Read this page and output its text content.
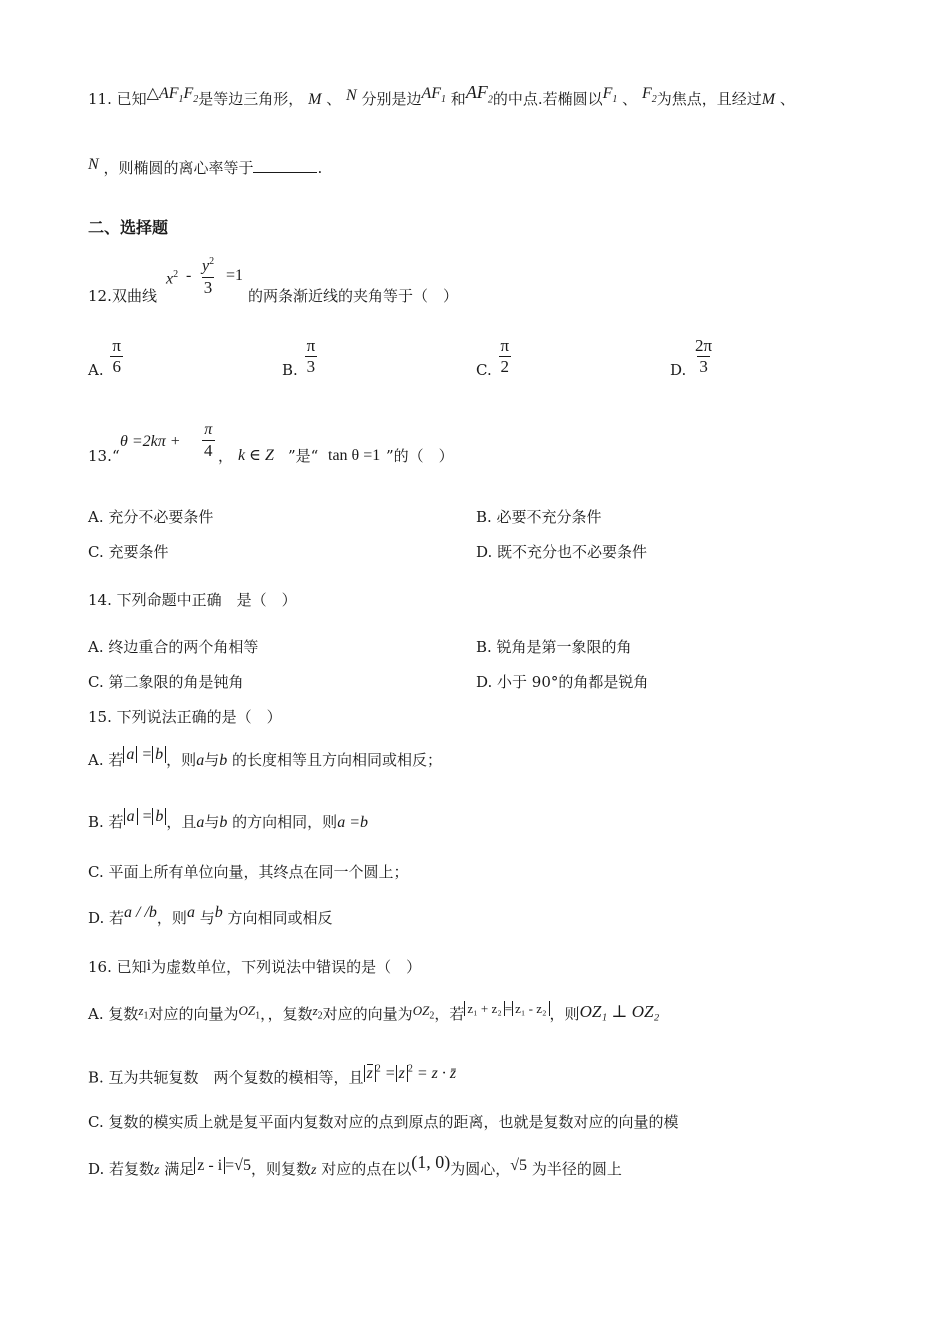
11. 已知$\triangle AF_1F_2$是等边三角形， M 、 N 分别是边$AF_1$ 和$AF_2$的中点.若椭圆以$F_1$ 、 $F_2$为焦点，且经过M 、
N ，则椭圆的离心率等于	.
二、选择题
12. 双曲线
$x^2 - \frac{y^2}{3} =1$
的两条渐近线的夹角等于（　）
A. $\frac{\pi}{6}$	B. $\frac{\pi}{3}$	C. $\frac{\pi}{2}$	D. $\frac{2\pi}{3}$
13. “
$\theta =2k\pi + \frac{\pi}{4}$ ， k ∈ Z ”是“ tan θ =1 ”的（　）
A. 充分不必要条件	B. 必要不充分条件
C. 充要条件	D. 既不充分也不必要条件
14. 下列命题中正确　是（　）
A. 终边重合的两个角相等	B. 锐角是第一象限的角
C. 第二象限的角是钝角	D. 小于 90°的角都是锐角
15. 下列说法正确的是（　）
A. 若 a = b ，则a与b 的长度相等且方向相同或相反；
B. 若 a = b ，且a与b 的方向相同，则a =b
C. 平面上所有单位向量，其终点在同一个圆上；
D. 若a / /b，则a 与b 方向相同或相反
16. 已知i为虚数单位，下列说法中错误的是（　）
A. 复数$z_1$对应的向量为$OZ_1$，，复数$z_2$对应的向量为$OZ_2$，若 z₁ + z₂ = z₁ - z₂ ，则OZ₁ ⊥ OZ₂
B. 互为共轭复数　两个复数的模相等，且 z $^2$ = z $^2$ = z · z̄
C. 复数的模实质上就是复平面内复数对应的点到原点的距离，也就是复数对应的向量的模
D. 若复数z 满足 z - i =√5，则复数z 对应的点在以(1, 0)为圆心，√5 为半径的圆上
